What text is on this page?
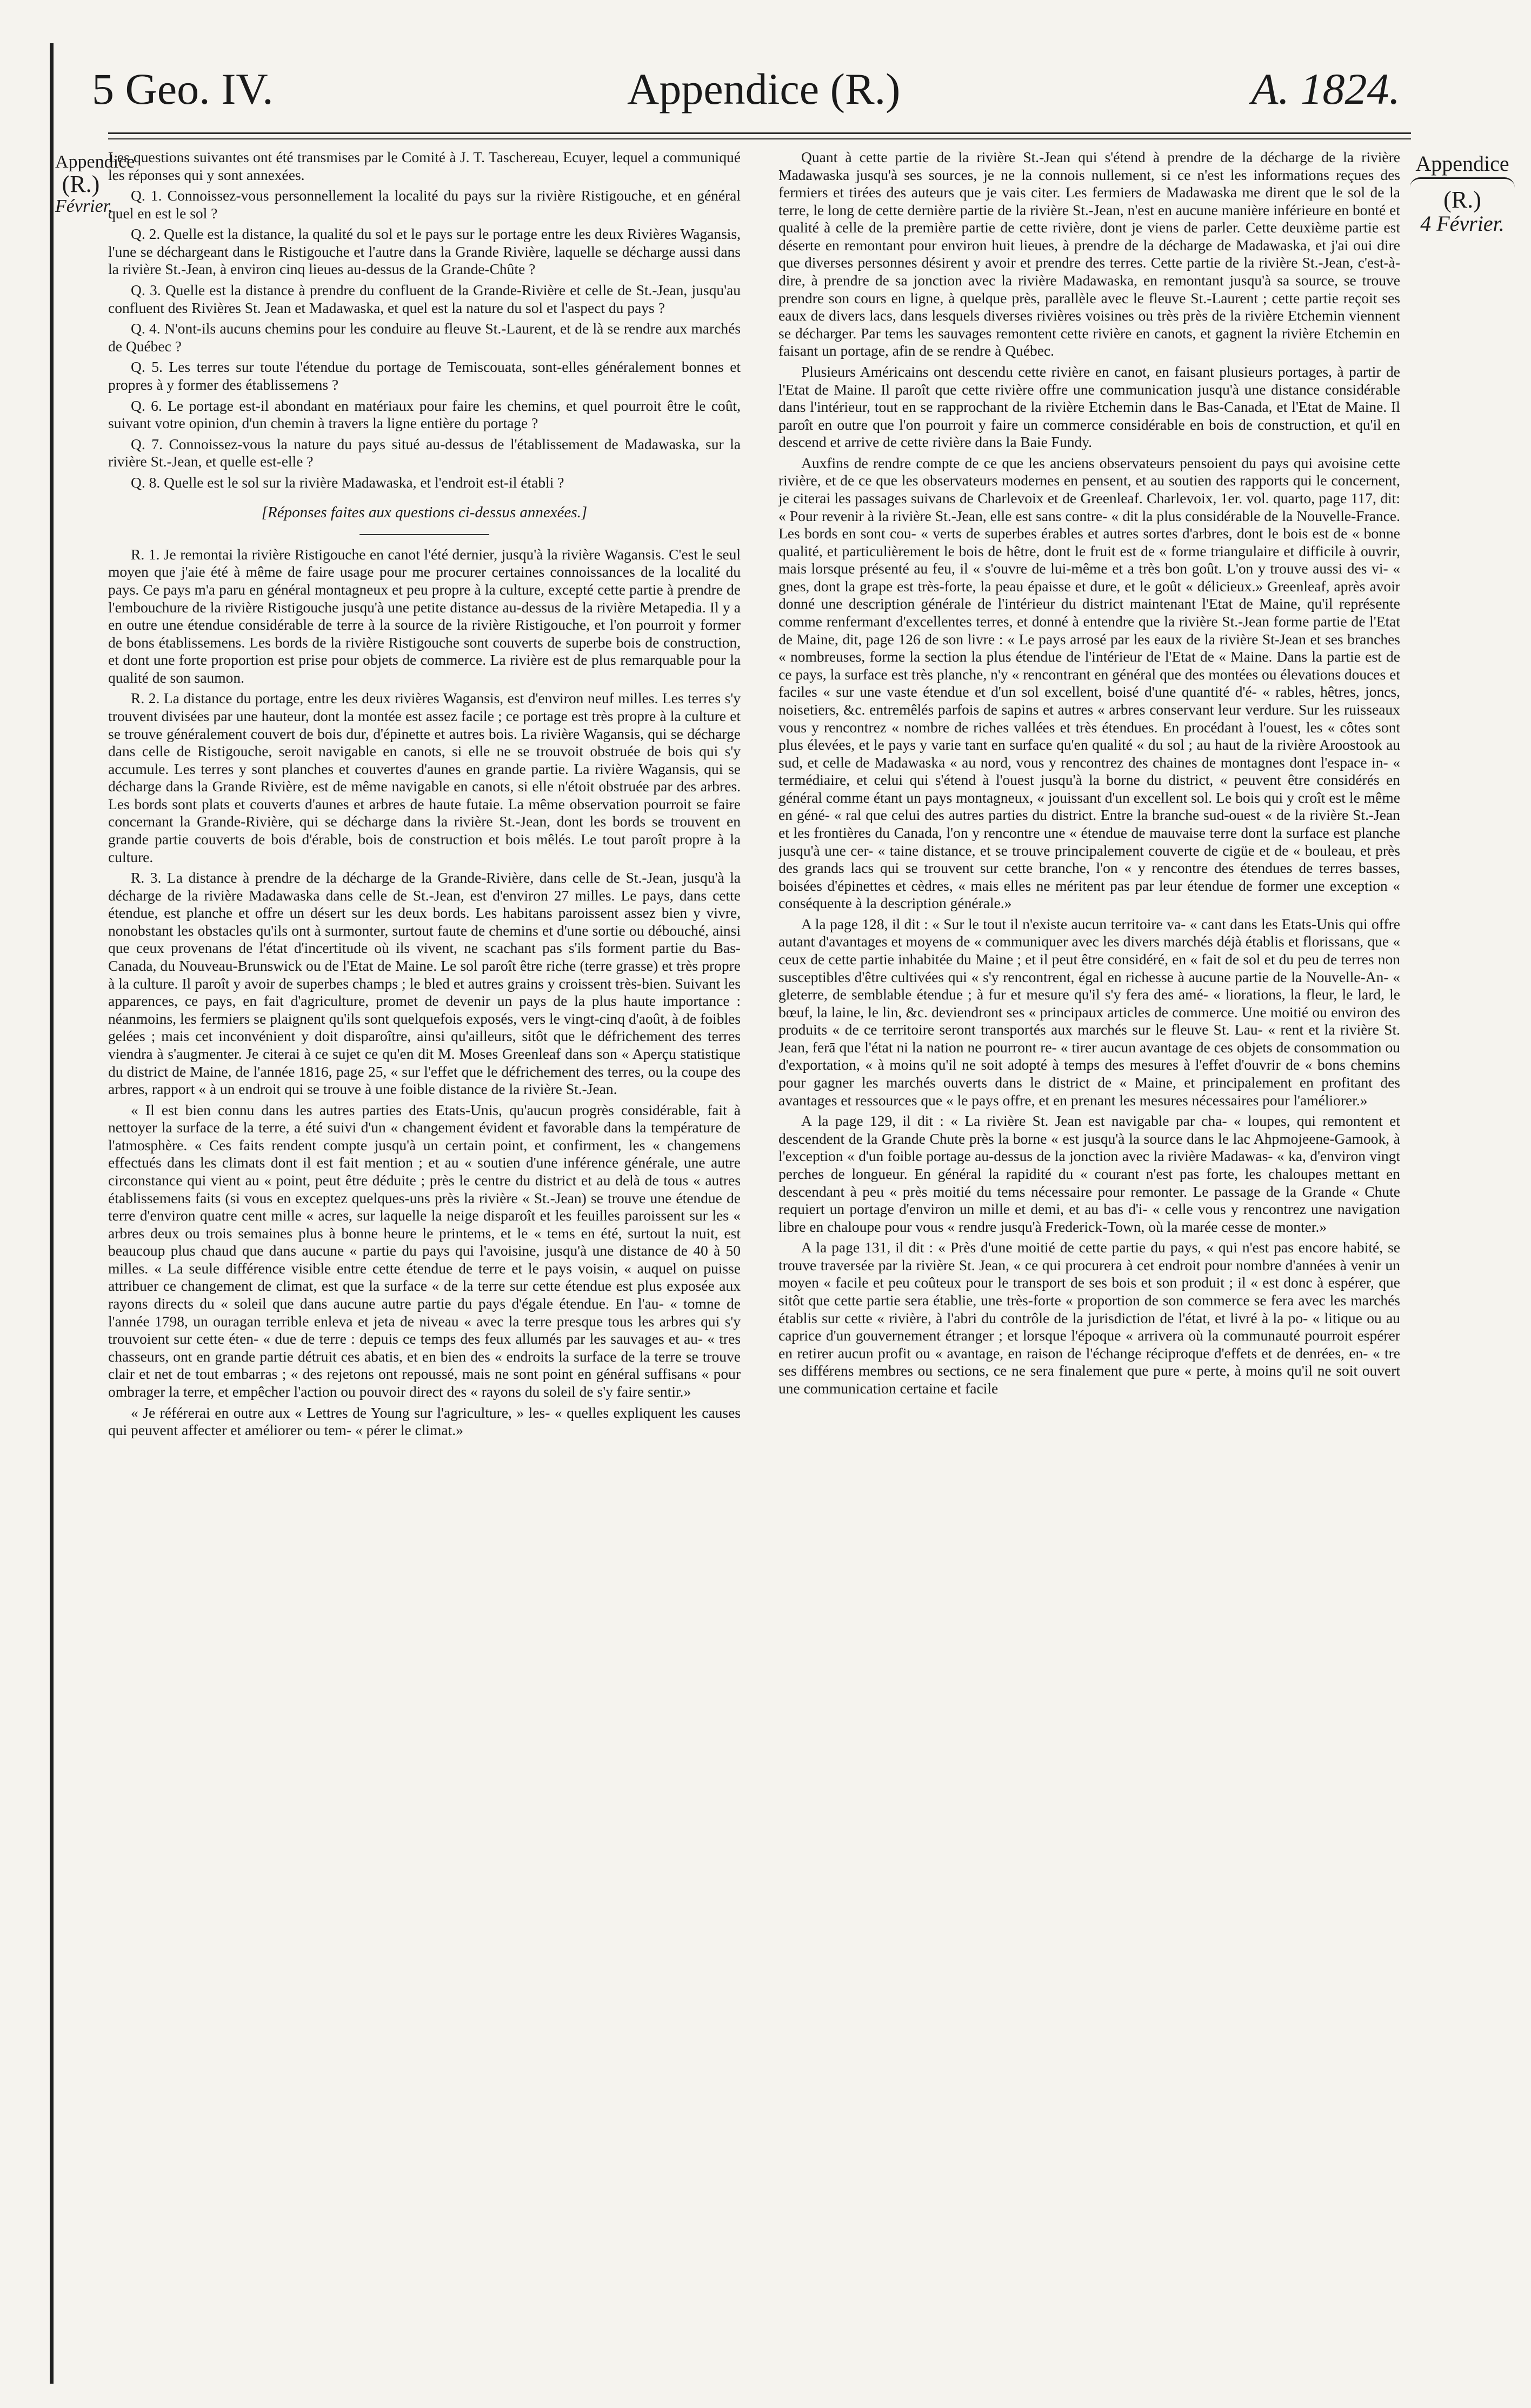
5 Geo. IV.	Appendice (R.)	A. 1824.
Appendice
(R.)
Février.
Appendice
(R.)
4 Février.

Les questions suivantes ont été transmises par le Comité à J. T. Taschereau, Ecuyer, lequel a communiqué les réponses qui y sont annexées.

Q. 1. Connoissez-vous personnellement la localité du pays sur la rivière Ristigouche, et en général quel en est le sol ?

Q. 2. Quelle est la distance, la qualité du sol et le pays sur le portage entre les deux Rivières Wagansis, l'une se déchargeant dans le Ristigouche et l'autre dans la Grande Rivière, laquelle se décharge aussi dans la rivière St.-Jean, à environ cinq lieues au-dessus de la Grande-Chûte ?

Q. 3. Quelle est la distance à prendre du confluent de la Grande-Rivière et celle de St.-Jean, jusqu'au confluent des Rivières St. Jean et Madawaska, et quel est la nature du sol et l'aspect du pays ?

Q. 4. N'ont-ils aucuns chemins pour les conduire au fleuve St.-Laurent, et de là se rendre aux marchés de Québec ?

Q. 5. Les terres sur toute l'étendue du portage de Temiscouata, sont-elles généralement bonnes et propres à y former des établissemens ?

Q. 6. Le portage est-il abondant en matériaux pour faire les chemins, et quel pourroit être le coût, suivant votre opinion, d'un chemin à travers la ligne entière du portage ?

Q. 7. Connoissez-vous la nature du pays situé au-dessus de l'établissement de Madawaska, sur la rivière St.-Jean, et quelle est-elle ?

Q. 8. Quelle est le sol sur la rivière Madawaska, et l'endroit est-il établi ?

[Réponses faites aux questions ci-dessus annexées.]

R. 1. Je remontai la rivière Ristigouche en canot l'été dernier, jusqu'à la rivière Wagansis. C'est le seul moyen que j'aie été à même de faire usage pour me procurer certaines connoissances de la localité du pays. Ce pays m'a paru en général montagneux et peu propre à la culture, excepté cette partie à prendre de l'embouchure de la rivière Ristigouche jusqu'à une petite distance au-dessus de la rivière Metapedia. Il y a en outre une étendue considérable de terre à la source de la rivière Ristigouche, et l'on pourroit y former de bons établissemens. Les bords de la rivière Ristigouche sont couverts de superbe bois de construction, et dont une forte proportion est prise pour objets de commerce. La rivière est de plus remarquable pour la qualité de son saumon.

R. 2. La distance du portage, entre les deux rivières Wagansis, est d'environ neuf milles. Les terres s'y trouvent divisées par une hauteur, dont la montée est assez facile ; ce portage est très propre à la culture et se trouve généralement couvert de bois dur, d'épinette et autres bois. La rivière Wagansis, qui se décharge dans celle de Ristigouche, seroit navigable en canots, si elle ne se trouvoit obstruée de bois qui s'y accumule. Les terres y sont planches et couvertes d'aunes en grande partie. La rivière Wagansis, qui se décharge dans la Grande Rivière, est de même navigable en canots, si elle n'étoit obstruée par des arbres. Les bords sont plats et couverts d'aunes et arbres de haute futaie. La même observation pourroit se faire concernant la Grande-Rivière, qui se décharge dans la rivière St.-Jean, dont les bords se trouvent en grande partie couverts de bois d'érable, bois de construction et bois mêlés. Le tout paroît propre à la culture.

R. 3. La distance à prendre de la décharge de la Grande-Rivière, dans celle de St.-Jean, jusqu'à la décharge de la rivière Madawaska dans celle de St.-Jean, est d'environ 27 milles. Le pays, dans cette étendue, est planche et offre un désert sur les deux bords. Les habitans paroissent assez bien y vivre, nonobstant les obstacles qu'ils ont à surmonter, surtout faute de chemins et d'une sortie ou débouché, ainsi que ceux provenans de l'état d'incertitude où ils vivent, ne scachant pas s'ils forment partie du Bas-Canada, du Nouveau-Brunswick ou de l'Etat de Maine. Le sol paroît être riche (terre grasse) et très propre à la culture. Il paroît y avoir de superbes champs ; le bled et autres grains y croissent très-bien. Suivant les apparences, ce pays, en fait d'agriculture, promet de devenir un pays de la plus haute importance : néanmoins, les fermiers se plaignent qu'ils sont quelquefois exposés, vers le vingt-cinq d'août, à de foibles gelées ; mais cet inconvénient y doit disparoître, ainsi qu'ailleurs, sitôt que le défrichement des terres viendra à s'augmenter. Je citerai à ce sujet ce qu'en dit M. Moses Greenleaf dans son « Aperçu statistique du district de Maine, de l'année 1816, page 25, « sur l'effet que le défrichement des terres, ou la coupe des arbres, rapport « à un endroit qui se trouve à une foible distance de la rivière St.-Jean.

« Il est bien connu dans les autres parties des Etats-Unis, qu'aucun progrès considérable, fait à nettoyer la surface de la terre, a été suivi d'un « changement évident et favorable dans la température de l'atmosphère. « Ces faits rendent compte jusqu'à un certain point, et confirment, les « changemens effectués dans les climats dont il est fait mention ; et au « soutien d'une inférence générale, une autre circonstance qui vient au « point, peut être déduite ; près le centre du district et au delà de tous « autres établissemens faits (si vous en exceptez quelques-uns près la rivière « St.-Jean) se trouve une étendue de terre d'environ quatre cent mille « acres, sur laquelle la neige disparoît et les feuilles paroissent sur les « arbres deux ou trois semaines plus à bonne heure le printems, et le « tems en été, surtout la nuit, est beaucoup plus chaud que dans aucune « partie du pays qui l'avoisine, jusqu'à une distance de 40 à 50 milles. « La seule différence visible entre cette étendue de terre et le pays voisin, « auquel on puisse attribuer ce changement de climat, est que la surface « de la terre sur cette étendue est plus exposée aux rayons directs du « soleil que dans aucune autre partie du pays d'égale étendue. En l'au- « tomne de l'année 1798, un ouragan terrible enleva et jeta de niveau « avec la terre presque tous les arbres qui s'y trouvoient sur cette éten- « due de terre : depuis ce temps des feux allumés par les sauvages et au- « tres chasseurs, ont en grande partie détruit ces abatis, et en bien des « endroits la surface de la terre se trouve clair et net de tout embarras ; « des rejetons ont repoussé, mais ne sont point en général suffisans « pour ombrager la terre, et empêcher l'action ou pouvoir direct des « rayons du soleil de s'y faire sentir.»

« Je référerai en outre aux « Lettres de Young sur l'agriculture, » les- « quelles expliquent les causes qui peuvent affecter et améliorer ou tem- « pérer le climat.»

Quant à cette partie de la rivière St.-Jean qui s'étend à prendre de la décharge de la rivière Madawaska jusqu'à ses sources, je ne la connois nullement, si ce n'est les informations reçues des fermiers et tirées des auteurs que je vais citer. Les fermiers de Madawaska me dirent que le sol de la terre, le long de cette dernière partie de la rivière St.-Jean, n'est en aucune manière inférieure en bonté et qualité à celle de la première partie de cette rivière, dont je viens de parler. Cette deuxième partie est déserte en remontant pour environ huit lieues, à prendre de la décharge de Madawaska, et j'ai oui dire que diverses personnes désirent y avoir et prendre des terres. Cette partie de la rivière St.-Jean, c'est-à-dire, à prendre de sa jonction avec la rivière Madawaska, en remontant jusqu'à sa source, se trouve prendre son cours en ligne, à quelque près, parallèle avec le fleuve St.-Laurent ; cette partie reçoit ses eaux de divers lacs, dans lesquels diverses rivières voisines ou très près de la rivière Etchemin viennent se décharger. Par tems les sauvages remontent cette rivière en canots, et gagnent la rivière Etchemin en faisant un portage, afin de se rendre à Québec.

Plusieurs Américains ont descendu cette rivière en canot, en faisant plusieurs portages, à partir de l'Etat de Maine. Il paroît que cette rivière offre une communication jusqu'à une distance considérable dans l'intérieur, tout en se rapprochant de la rivière Etchemin dans le Bas-Canada, et l'Etat de Maine. Il paroît en outre que l'on pourroit y faire un commerce considérable en bois de construction, et qu'il en descend et arrive de cette rivière dans la Baie Fundy.

Auxfins de rendre compte de ce que les anciens observateurs pensoient du pays qui avoisine cette rivière, et de ce que les observateurs modernes en pensent, et au soutien des rapports qui le concernent, je citerai les passages suivans de Charlevoix et de Greenleaf. Charlevoix, 1er. vol. quarto, page 117, dit: « Pour revenir à la rivière St.-Jean, elle est sans contre- « dit la plus considérable de la Nouvelle-France. Les bords en sont cou- « verts de superbes érables et autres sortes d'arbres, dont le bois est de « bonne qualité, et particulièrement le bois de hêtre, dont le fruit est de « forme triangulaire et difficile à ouvrir, mais lorsque présenté au feu, il « s'ouvre de lui-même et a très bon goût. L'on y trouve aussi des vi- « gnes, dont la grape est très-forte, la peau épaisse et dure, et le goût « délicieux.» Greenleaf, après avoir donné une description générale de l'intérieur du district maintenant l'Etat de Maine, qu'il représente comme renfermant d'excellentes terres, et donné à entendre que la rivière St.-Jean forme partie de l'Etat de Maine, dit, page 126 de son livre : « Le pays arrosé par les eaux de la rivière St-Jean et ses branches « nombreuses, forme la section la plus étendue de l'intérieur de l'Etat de « Maine. Dans la partie est de ce pays, la surface est très planche, n'y « rencontrant en général que des montées ou élevations douces et faciles « sur une vaste étendue et d'un sol excellent, boisé d'une quantité d'é- « rables, hêtres, joncs, noisetiers, &c. entremêlés parfois de sapins et autres « arbres conservant leur verdure. Sur les ruisseaux vous y rencontrez « nombre de riches vallées et très étendues. En procédant à l'ouest, les « côtes sont plus élevées, et le pays y varie tant en surface qu'en qualité « du sol ; au haut de la rivière Aroostook au sud, et celle de Madawaska « au nord, vous y rencontrez des chaines de montagnes dont l'espace in- « termédiaire, et celui qui s'étend à l'ouest jusqu'à la borne du district, « peuvent être considérés en général comme étant un pays montagneux, « jouissant d'un excellent sol. Le bois qui y croît est le même en géné- « ral que celui des autres parties du district. Entre la branche sud-ouest « de la rivière St.-Jean et les frontières du Canada, l'on y rencontre une « étendue de mauvaise terre dont la surface est planche jusqu'à une cer- « taine distance, et se trouve principalement couverte de cigüe et de « bouleau, et près des grands lacs qui se trouvent sur cette branche, l'on « y rencontre des étendues de terres basses, boisées d'épinettes et cèdres, « mais elles ne méritent pas par leur étendue de former une exception « conséquente à la description générale.»

A la page 128, il dit : « Sur le tout il n'existe aucun territoire va- « cant dans les Etats-Unis qui offre autant d'avantages et moyens de « communiquer avec les divers marchés déjà établis et florissans, que « ceux de cette partie inhabitée du Maine ; et il peut être considéré, en « fait de sol et du peu de terres non susceptibles d'être cultivées qui « s'y rencontrent, égal en richesse à aucune partie de la Nouvelle-An- « gleterre, de semblable étendue ; à fur et mesure qu'il s'y fera des amé- « liorations, la fleur, le lard, le bœuf, la laine, le lin, &c. deviendront ses « principaux articles de commerce. Une moitié ou environ des produits « de ce territoire seront transportés aux marchés sur le fleuve St. Lau- « rent et la rivière St. Jean, ferā que l'état ni la nation ne pourront re- « tirer aucun avantage de ces objets de consommation ou d'exportation, « à moins qu'il ne soit adopté à temps des mesures à l'effet d'ouvrir de « bons chemins pour gagner les marchés ouverts dans le district de « Maine, et principalement en profitant des avantages et ressources que « le pays offre, et en prenant les mesures nécessaires pour l'améliorer.»

A la page 129, il dit : « La rivière St. Jean est navigable par cha- « loupes, qui remontent et descendent de la Grande Chute près la borne « est jusqu'à la source dans le lac Ahpmojeene-Gamook, à l'exception « d'un foible portage au-dessus de la jonction avec la rivière Madawas- « ka, d'environ vingt perches de longueur. En général la rapidité du « courant n'est pas forte, les chaloupes mettant en descendant à peu « près moitié du tems nécessaire pour remonter. Le passage de la Grande « Chute requiert un portage d'environ un mille et demi, et au bas d'i- « celle vous y rencontrez une navigation libre en chaloupe pour vous « rendre jusqu'à Frederick-Town, où la marée cesse de monter.»

A la page 131, il dit : « Près d'une moitié de cette partie du pays, « qui n'est pas encore habité, se trouve traversée par la rivière St. Jean, « ce qui procurera à cet endroit pour nombre d'années à venir un moyen « facile et peu coûteux pour le transport de ses bois et son produit ; il « est donc à espérer, que sitôt que cette partie sera établie, une très-forte « proportion de son commerce se fera avec les marchés établis sur cette « rivière, à l'abri du contrôle de la jurisdiction de l'état, et livré à la po- « litique ou au caprice d'un gouvernement étranger ; et lorsque l'époque « arrivera où la communauté pourroit espérer en retirer aucun profit ou « avantage, en raison de l'échange réciproque d'effets et de denrées, en- « tre ses différens membres ou sections, ce ne sera finalement que pure « perte, à moins qu'il ne soit ouvert une communication certaine et facile
